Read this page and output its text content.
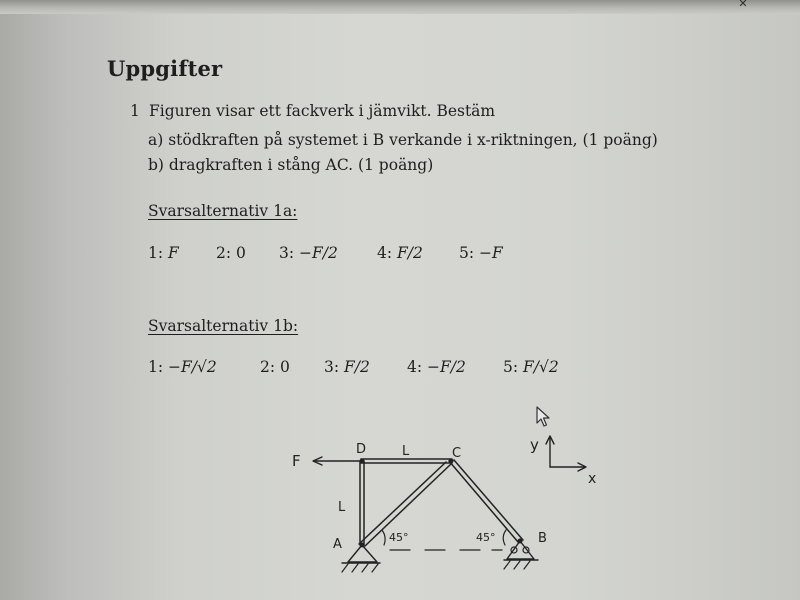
✕
Uppgifter
1 Figuren visar ett fackverk i jämvikt. Bestäm
a) stödkraften på systemet i B verkande i x-riktningen, (1 poäng)
b) dragkraften i stång AC. (1 poäng)
Svarsalternativ 1a:
1: F 2: 0 3: −F/2	4: F/2 5: −F
Svarsalternativ 1b:
1: −F/√2	2: 0 3: F/2 4: −F/2 5: F/√2
F
D	L	C
L
A	45°	45°	B
y
x
